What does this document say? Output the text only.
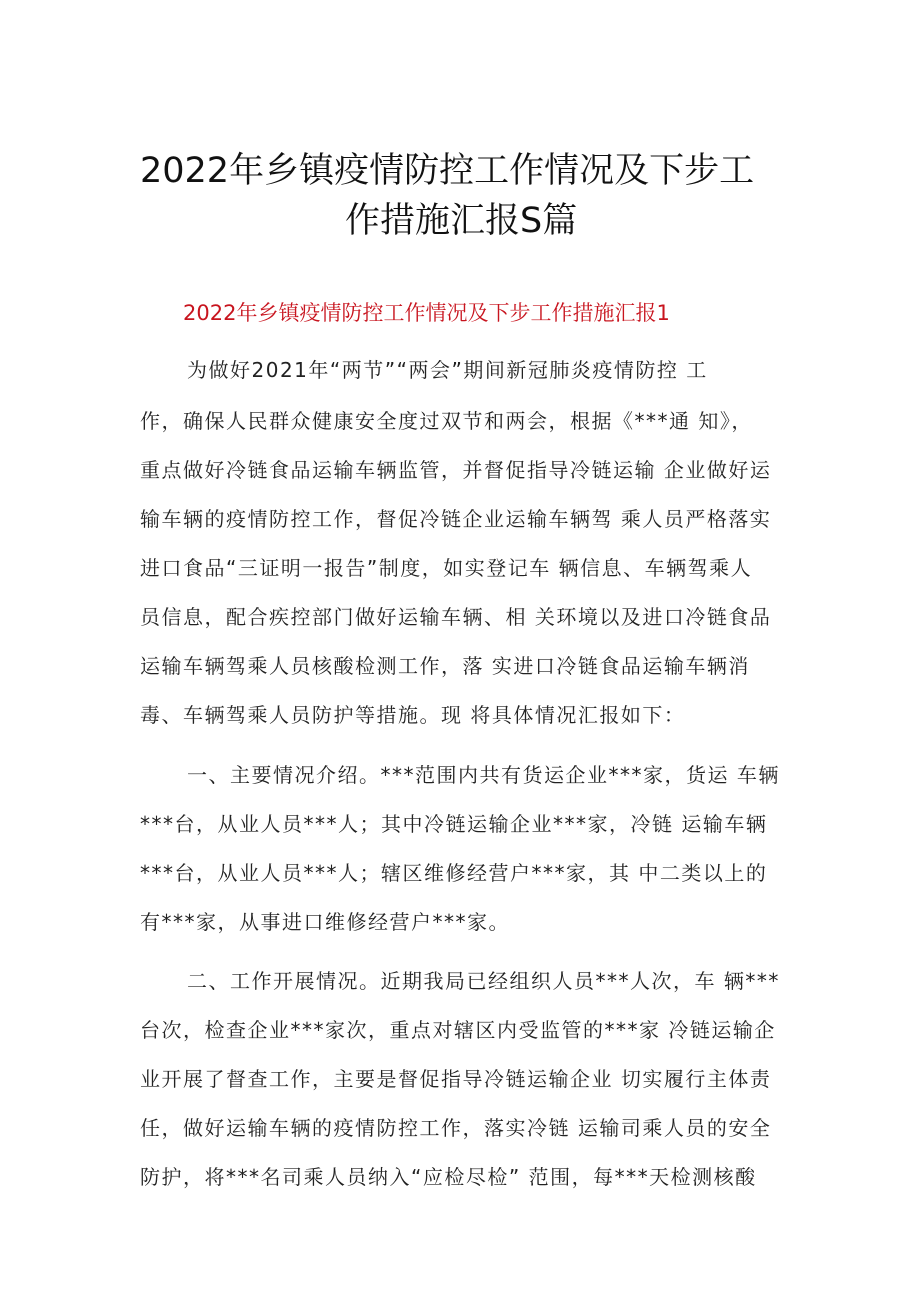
2022年乡镇疫情防控工作情况及下步工
作措施汇报S篇
2022年乡镇疫情防控工作情况及下步工作措施汇报1
为做好2021年“两节”“两会”期间新冠肺炎疫情防控 工
作，确保人民群众健康安全度过双节和两会，根据《***通 知》，
重点做好冷链食品运输车辆监管，并督促指导冷链运输 企业做好运
输车辆的疫情防控工作，督促冷链企业运输车辆驾 乘人员严格落实
进口食品“三证明一报告”制度，如实登记车 辆信息、车辆驾乘人
员信息，配合疾控部门做好运输车辆、相 关环境以及进口冷链食品
运输车辆驾乘人员核酸检测工作，落 实进口冷链食品运输车辆消
毒、车辆驾乘人员防护等措施。现 将具体情况汇报如下：
一、主要情况介绍。***范围内共有货运企业***家，货运 车辆
***台，从业人员***人；其中冷链运输企业***家，冷链 运输车辆
***台，从业人员***人；辖区维修经营户***家，其 中二类以上的
有***家，从事进口维修经营户***家。
二、工作开展情况。近期我局已经组织人员***人次，车 辆***
台次，检查企业***家次，重点对辖区内受监管的***家 冷链运输企
业开展了督查工作，主要是督促指导冷链运输企业 切实履行主体责
任，做好运输车辆的疫情防控工作，落实冷链 运输司乘人员的安全
防护，将***名司乘人员纳入“应检尽检” 范围，每***天检测核酸
